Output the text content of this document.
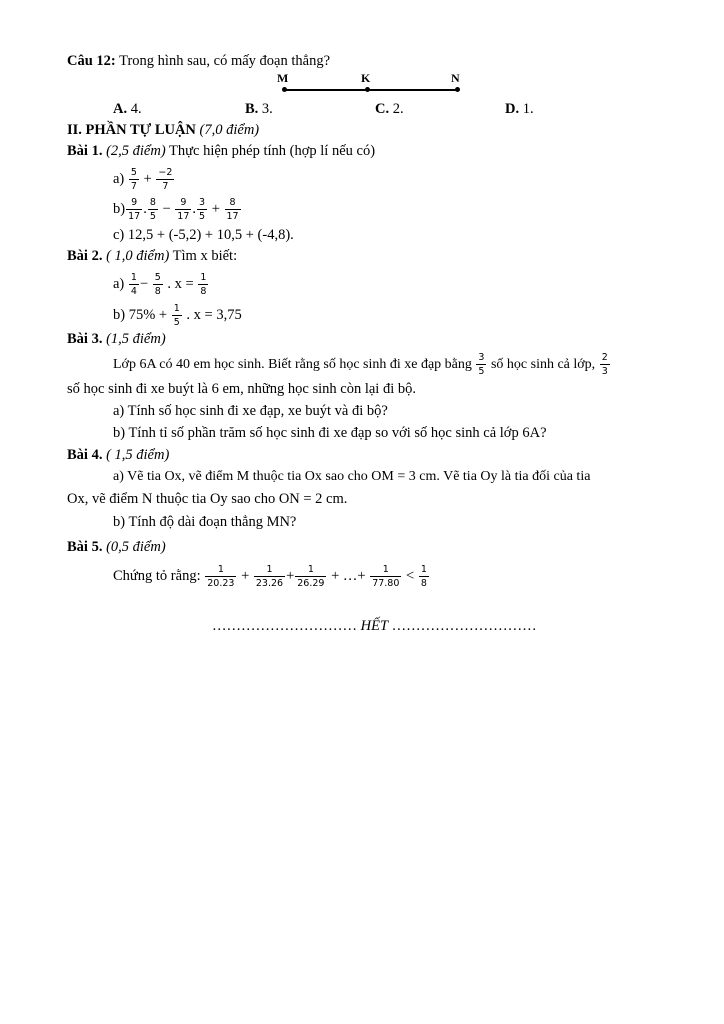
Câu 12: Trong hình sau, có mấy đoạn thẳng?
M	K	N
A. 4.	B. 3.	C. 2.	D. 1.
II. PHẦN TỰ LUẬN (7,0 điểm)
Bài 1. (2,5 điểm) Thực hiện phép tính (hợp lí nếu có)
$a) \frac{5}{7} + \frac{-2}{7}$
$b) \frac{9}{17}$ . $\frac{8}{5} - \frac{9}{17}$ . $\frac{3}{5} + \frac{8}{17}$
c) 12,5 + (-5,2) + 10,5 + (-4,8).
Bài 2. ( 1,0 điểm) Tìm x biết:
$a) \frac{1}{4} - \frac{5}{8}$ . $x = \frac{1}{8}$
b) $75\% + \frac{1}{5}$ . x = 3,75
Bài 3. (1,5 điểm)
Lớp 6A có 40 em học sinh. Biết rằng số học sinh đi xe đạp bằng $\frac{3}{5}$ số học sinh cả lớp, $\frac{2}{3}$
số học sinh đi xe buýt là 6 em, những học sinh còn lại đi bộ.
a) Tính số học sinh đi xe đạp, xe buýt và đi bộ?
b) Tính tỉ số phần trăm số học sinh đi xe đạp so với số học sinh cả lớp 6A?
Bài 4. ( 1,5 điểm)
a) Vẽ tia Ox, vẽ điểm M thuộc tia Ox sao cho OM = 3 cm. Vẽ tia Oy là tia đối của tia
Ox, vẽ điểm N thuộc tia Oy sao cho ON = 2 cm.
b) Tính độ dài đoạn thẳng MN?
Bài 5. (0,5 điểm)
Chứng tỏ rằng: $\frac{1}{20.23} + \frac{1}{23.26} + \frac{1}{26.29}$ + …+ $\frac{1}{77.80} < \frac{1}{8}$
………………………… HẾT …………………………
